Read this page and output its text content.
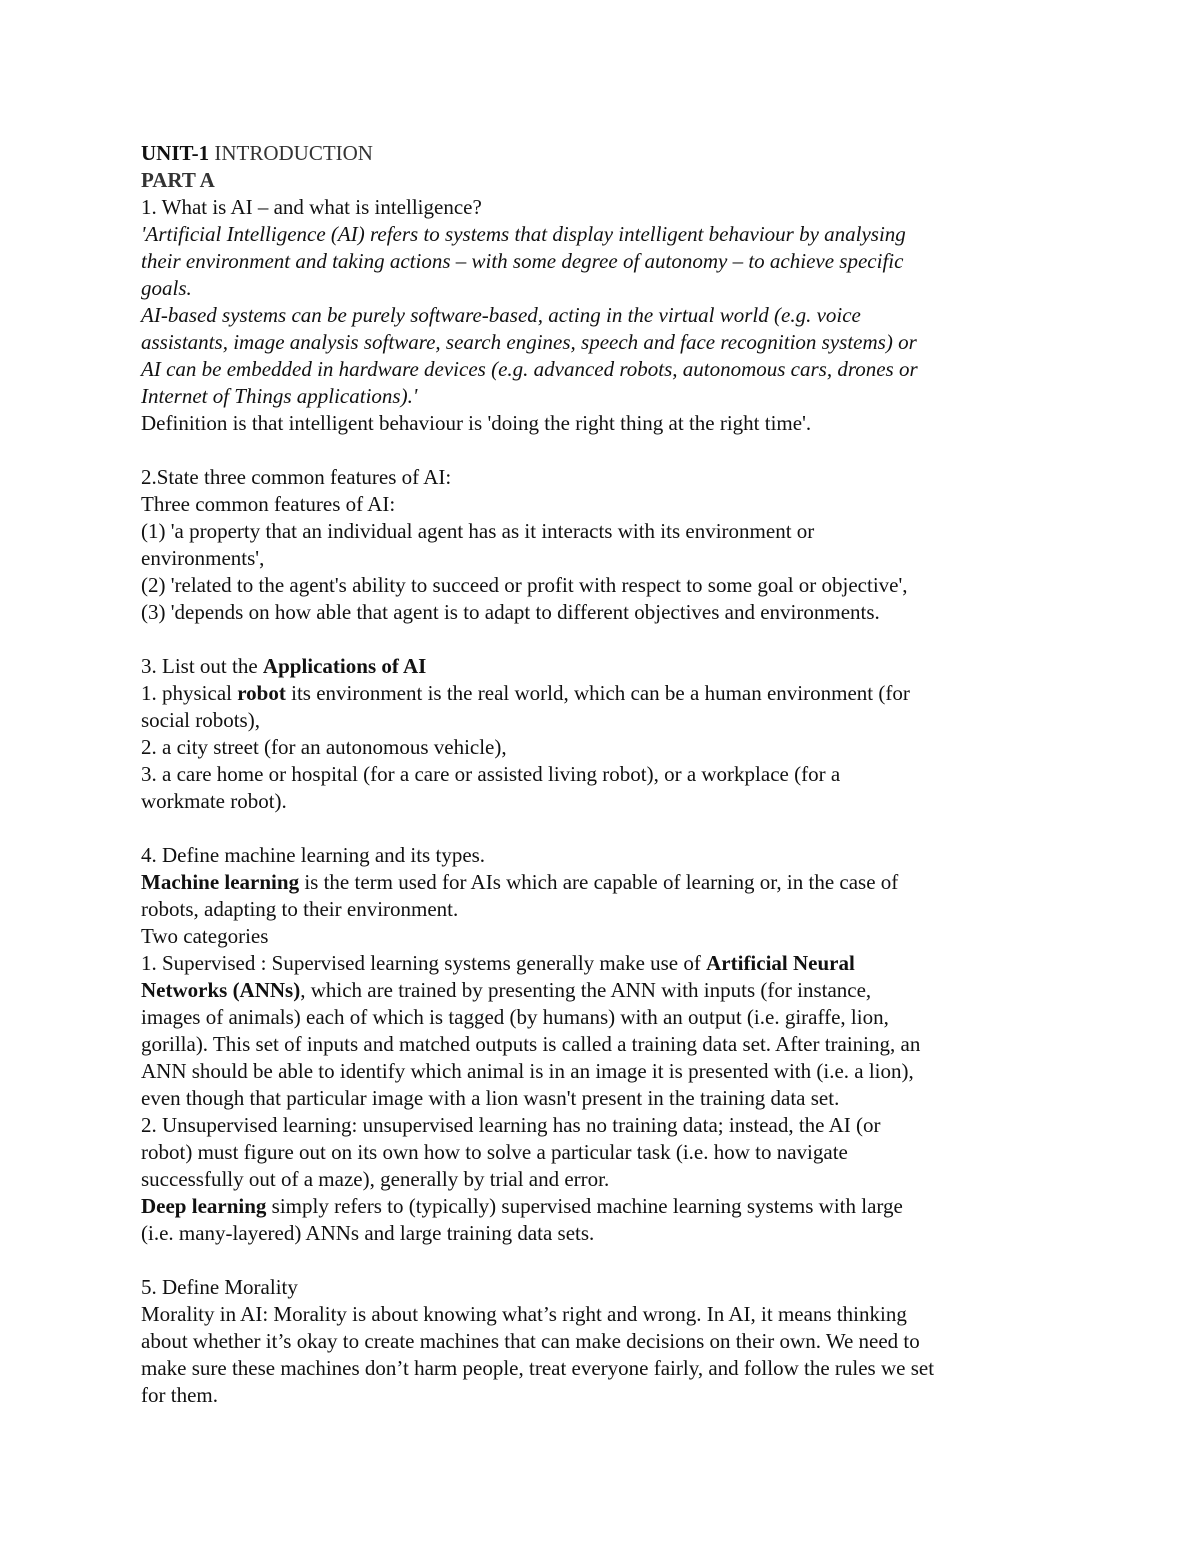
UNIT-1 INTRODUCTION
PART A
1. What is AI – and what is intelligence?
'Artificial Intelligence (AI) refers to systems that display intelligent behaviour by analysing
their environment and taking actions – with some degree of autonomy – to achieve specific
goals.
AI-based systems can be purely software-based, acting in the virtual world (e.g. voice
assistants, image analysis software, search engines, speech and face recognition systems) or
AI can be embedded in hardware devices (e.g. advanced robots, autonomous cars, drones or
Internet of Things applications).'
Definition is that intelligent behaviour is 'doing the right thing at the right time'.
2.State three common features of AI:
Three common features of AI:
(1) 'a property that an individual agent has as it interacts with its environment or
environments',
(2) 'related to the agent's ability to succeed or profit with respect to some goal or objective',
(3) 'depends on how able that agent is to adapt to different objectives and environments.
3. List out the Applications of AI
1. physical robot its environment is the real world, which can be a human environment (for
social robots),
2. a city street (for an autonomous vehicle),
3. a care home or hospital (for a care or assisted living robot), or a workplace (for a
workmate robot).
4. Define machine learning and its types.
Machine learning is the term used for AIs which are capable of learning or, in the case of
robots, adapting to their environment.
Two categories
1. Supervised : Supervised learning systems generally make use of Artificial Neural
Networks (ANNs), which are trained by presenting the ANN with inputs (for instance,
images of animals) each of which is tagged (by humans) with an output (i.e. giraffe, lion,
gorilla). This set of inputs and matched outputs is called a training data set. After training, an
ANN should be able to identify which animal is in an image it is presented with (i.e. a lion),
even though that particular image with a lion wasn't present in the training data set.
2. Unsupervised learning: unsupervised learning has no training data; instead, the AI (or
robot) must figure out on its own how to solve a particular task (i.e. how to navigate
successfully out of a maze), generally by trial and error.
Deep learning simply refers to (typically) supervised machine learning systems with large
(i.e. many-layered) ANNs and large training data sets.
5. Define Morality
Morality in AI: Morality is about knowing what’s right and wrong. In AI, it means thinking
about whether it’s okay to create machines that can make decisions on their own. We need to
make sure these machines don’t harm people, treat everyone fairly, and follow the rules we set
for them.
